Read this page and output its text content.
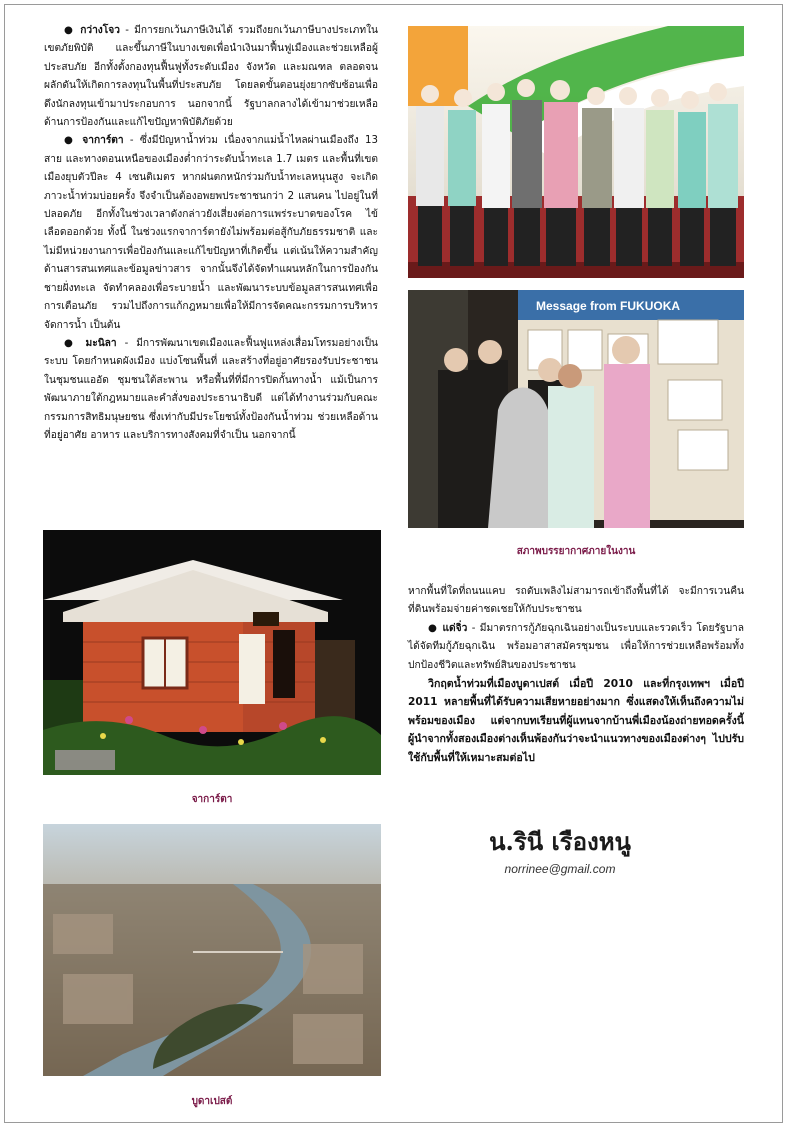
● กว่างโจว - มีการยกเว้นภาษีเงินได้ รวมถึงยกเว้นภาษีบางประเภทในเขตภัยพิบัติ และขึ้นภาษีในบางเขตเพื่อนำเงินมาฟื้นฟูเมืองและช่วยเหลือผู้ประสบภัย อีกทั้งตั้งกองทุนฟื้นฟูทั้งระดับเมือง จังหวัด และมณฑล ตลอดจนผลักดันให้เกิดการลงทุนในพื้นที่ประสบภัย โดยลดขั้นตอนยุ่งยากซับซ้อนเพื่อดึงนักลงทุนเข้ามาประกอบการ นอกจากนี้ รัฐบาลกลางได้เข้ามาช่วยเหลือด้านการป้องกันและแก้ไขปัญหาพิบัติภัยด้วย

● จาการ์ตา - ซึ่งมีปัญหาน้ำท่วม เนื่องจากแม่น้ำไหลผ่านเมืองถึง 13 สาย และทางตอนเหนือของเมืองต่ำกว่าระดับน้ำทะเล 1.7 เมตร และพื้นที่เขตเมืองยุบตัวปีละ 4 เซนติเมตร หากฝนตกหนักร่วมกับน้ำทะเลหนุนสูง จะเกิดภาวะน้ำท่วมบ่อยครั้ง จึงจำเป็นต้องอพยพประชาชนกว่า 2 แสนคน ไปอยู่ในที่ปลอดภัย อีกทั้งในช่วงเวลาดังกล่าวยังเสี่ยงต่อการแพร่ระบาดของโรค ไข้เลือดออกด้วย ทั้งนี้ ในช่วงแรกจาการ์ตายังไม่พร้อมต่อสู้กับภัยธรรมชาติ และไม่มีหน่วยงานการเพื่อป้องกันและแก้ไขปัญหาที่เกิดขึ้น แต่เน้นให้ความสำคัญด้านสารสนเทศและข้อมูลข่าวสาร จากนั้นจึงได้จัดทำแผนหลักในการป้องกันชายฝั่งทะเล จัดทำคลองเพื่อระบายน้ำ และพัฒนาระบบข้อมูลสารสนเทศเพื่อการเตือนภัย รวมไปถึงการแก้กฎหมายเพื่อให้มีการจัดคณะกรรมการบริหารจัดการน้ำ เป็นต้น

● มะนิลา - มีการพัฒนาเขตเมืองและฟื้นฟูแหล่งเสื่อมโทรมอย่างเป็นระบบ โดยกำหนดผังเมือง แบ่งโซนพื้นที่ และสร้างที่อยู่อาศัยรองรับประชาชนในชุมชนแออัด ชุมชนใต้สะพาน หรือพื้นที่ที่มีการปิดกั้นทางน้ำ แม้เป็นการพัฒนาภายใต้กฎหมายและคำสั่งของประธานาธิบดี แต่ได้ทำงานร่วมกับคณะกรรมการสิทธิมนุษยชน ซึ่งเท่ากับมีประโยชน์ทั้งป้องกันน้ำท่วม ช่วยเหลือด้านที่อยู่อาศัย อาหาร และบริการทางสังคมที่จำเป็น นอกจากนี้

Message from FUKUOKA
สภาพบรรยากาศภายในงาน
จาการ์ตา
บูดาเปสต์

หากพื้นที่ใดที่ถนนแคบ รถดับเพลิงไม่สามารถเข้าถึงพื้นที่ได้ จะมีการเวนคืนที่ดินพร้อมจ่ายค่าชดเชยให้กับประชาชน

● แด่จิ่ว - มีมาตรการกู้ภัยฉุกเฉินอย่างเป็นระบบและรวดเร็ว โดยรัฐบาลได้จัดทีมกู้ภัยฉุกเฉิน พร้อมอาสาสมัครชุมชน เพื่อให้การช่วยเหลือพร้อมทั้งปกป้องชีวิตและทรัพย์สินของประชาชน

วิกฤตน้ำท่วมที่เมืองบูดาเปสต์ เมื่อปี 2010 และที่กรุงเทพฯ เมื่อปี 2011 หลายพื้นที่ได้รับความเสียหายอย่างมาก ซึ่งแสดงให้เห็นถึงความไม่พร้อมของเมือง แต่จากบทเรียนที่ผู้แทนจากบ้านพี่เมืองน้องถ่ายทอดครั้งนี้ ผู้นำจากทั้งสองเมืองต่างเห็นพ้องกันว่าจะนำแนวทางของเมืองต่างๆ ไปปรับใช้กับพื้นที่ให้เหมาะสมต่อไป

น.รินี เรืองหนู
norrinee@gmail.com
